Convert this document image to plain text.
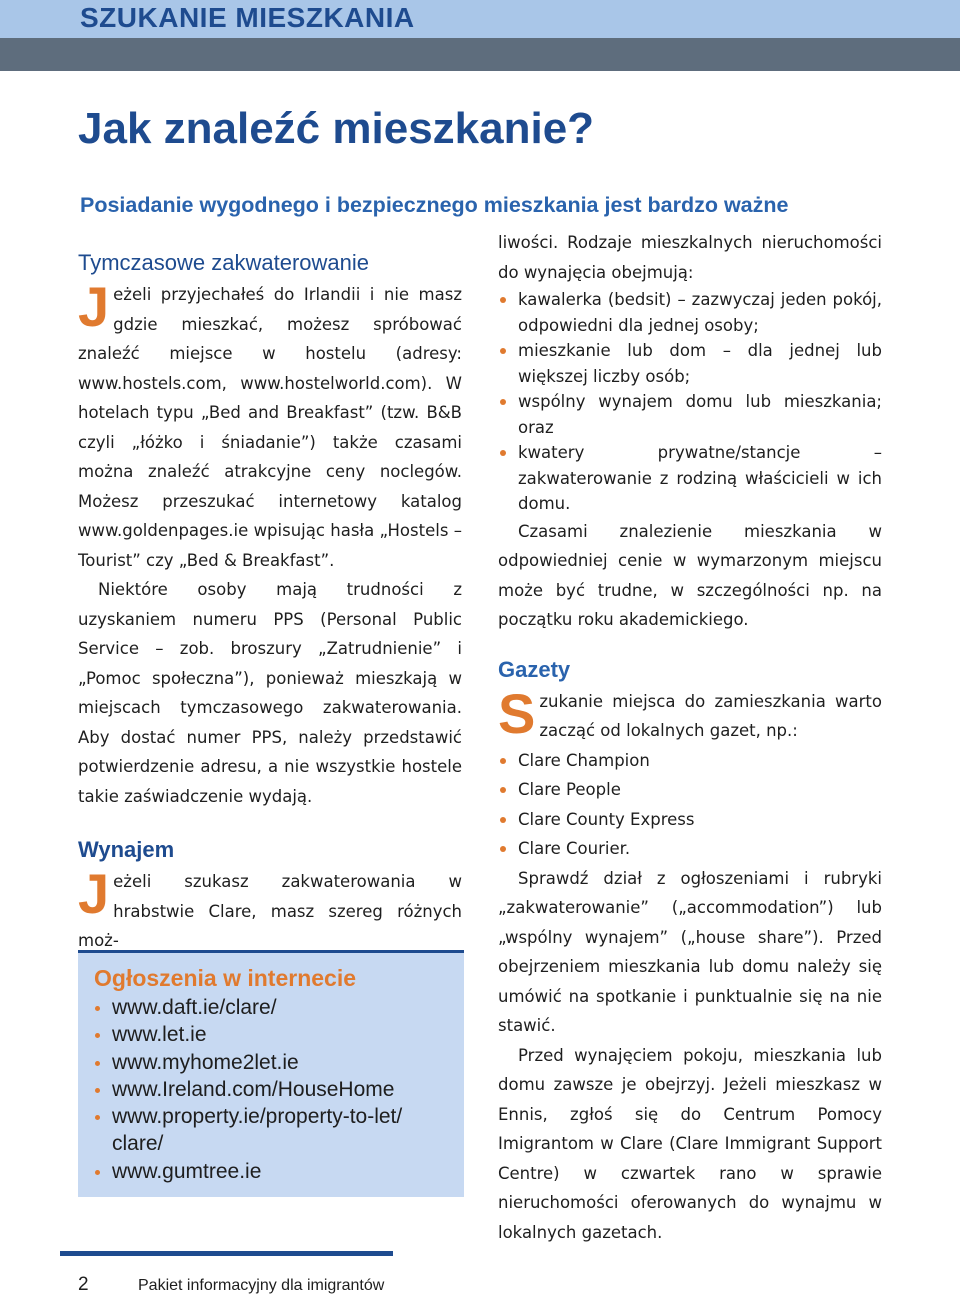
SZUKANIE MIESZKANIA
Jak znaleźć mieszkanie?
Posiadanie wygodnego i bezpiecznego mieszkania jest bardzo ważne
Tymczasowe zakwaterowanie

Jeżeli przyjechałeś do Irlandii i nie masz gdzie mieszkać, możesz spróbować znaleźć miejsce w hostelu (adresy: www.hostels.com, www.hostelworld.com). W hotelach typu „Bed and Breakfast” (tzw. B&B czyli „łóżko i śniadanie”) także czasami można znaleźć atrakcyjne ceny noclegów. Możesz przeszukać internetowy katalog www.goldenpages.ie wpisując hasła „Hostels – Tourist” czy „Bed & Breakfast”.

Niektóre osoby mają trudności z uzyskaniem numeru PPS (Personal Public Service – zob. broszury „Zatrudnienie” i „Pomoc społeczna”), ponieważ mieszkają w miejscach tymczasowego zakwaterowania. Aby dostać numer PPS, należy przedstawić potwierdzenie adresu, a nie wszystkie hostele takie zaświadczenie wydają.

Wynajem

Jeżeli szukasz zakwaterowania w hrabstwie Clare, masz szereg różnych moż-

Ogłoszenia w internecie
www.daft.ie/clare/
www.let.ie
www.myhome2let.ie
www.Ireland.com/HouseHome
www.property.ie/property-to-let/ clare/
www.gumtree.ie

liwości. Rodzaje mieszkalnych nieruchomości do wynajęcia obejmują:

kawalerka (bedsit) – zazwyczaj jeden pokój, odpowiedni dla jednej osoby;
mieszkanie lub dom – dla jednej lub większej liczby osób;
wspólny wynajem domu lub mieszkania; oraz
kwatery prywatne/stancje – zakwaterowanie z rodziną właścicieli w ich domu.

Czasami znalezienie mieszkania w odpowiedniej cenie w wymarzonym miejscu może być trudne, w szczególności np. na początku roku akademickiego.

Gazety

Szukanie miejsca do zamieszkania warto zacząć od lokalnych gazet, np.:

Clare Champion
Clare People
Clare County Express
Clare Courier.

Sprawdź dział z ogłoszeniami i rubryki „zakwaterowanie” („accommodation”) lub „wspólny wynajem” („house share”). Przed obejrzeniem mieszkania lub domu należy się umówić na spotkanie i punktualnie się na nie stawić.

Przed wynajęciem pokoju, mieszkania lub domu zawsze je obejrzyj. Jeżeli mieszkasz w Ennis, zgłoś się do Centrum Pomocy Imigrantom w Clare (Clare Immigrant Support Centre) w czwartek rano w sprawie nieruchomości oferowanych do wynajmu w lokalnych gazetach.

2	Pakiet informacyjny dla imigrantów
